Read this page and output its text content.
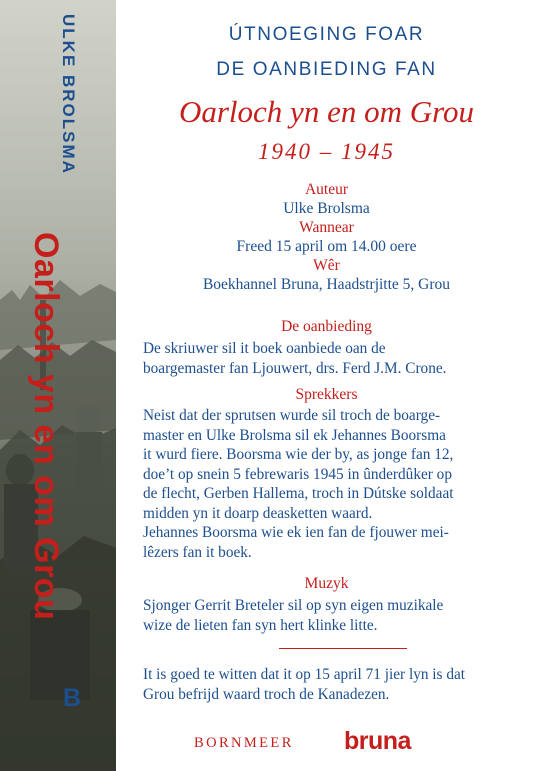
ULKE BROLSMA
Oarloch yn en om Grou
B
ÚTNOEGING FOAR
DE OANBIEDING FAN
Oarloch yn en om Grou
1940 – 1945
Auteur
Ulke Brolsma
Wannear
Freed 15 april om 14.00 oere
Wêr
Boekhannel Bruna, Haadstrjitte 5, Grou
De oanbieding
De skriuwer sil it boek oanbiede oan de
boargemaster fan Ljouwert, drs. Ferd J.M. Crone.
Sprekkers
Neist dat der sprutsen wurde sil troch de boarge-
master en Ulke Brolsma sil ek Jehannes Boorsma
it wurd fiere. Boorsma wie der by, as jonge fan 12,
doe’t op snein 5 febrewaris 1945 in ûnderdûker op
de flecht, Gerben Hallema, troch in Dútske soldaat
midden yn it doarp deasketten waard.
Jehannes Boorsma wie ek ien fan de fjouwer mei-
lêzers fan it boek.
Muzyk
Sjonger Gerrit Breteler sil op syn eigen muzikale
wize de lieten fan syn hert klinke litte.
It is goed te witten dat it op 15 april 71 jier lyn is dat
Grou befrijd waard troch de Kanadezen.
BORNMEER bruna
